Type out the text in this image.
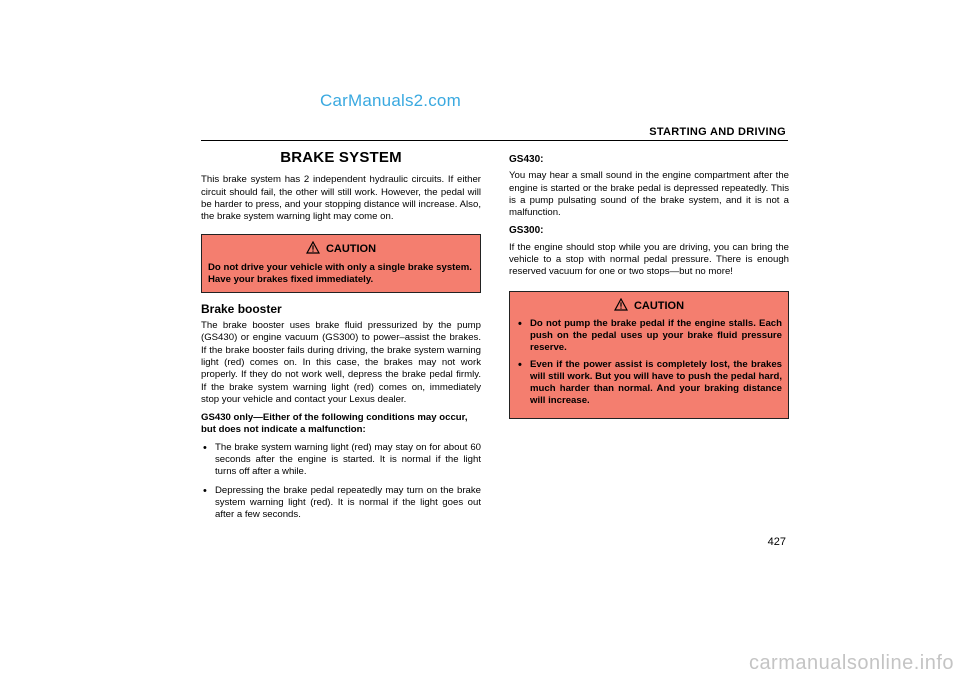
CarManuals2.com
carmanualsonline.info
STARTING AND DRIVING
BRAKE SYSTEM

This brake system has 2 independent hydraulic circuits. If either circuit should fail, the other will still work. However, the pedal will be harder to press, and your stopping distance will increase. Also, the brake system warning light may come on.

CAUTION
Do not drive your vehicle with only a single brake system. Have your brakes fixed immediately.
Brake booster

The brake booster uses brake fluid pressurized by the pump (GS430) or engine vacuum (GS300) to power–assist the brakes. If the brake booster fails during driving, the brake system warning light (red) comes on. In this case, the brakes may not work properly. If they do not work well, depress the brake pedal firmly. If the brake system warning light (red) comes on, immediately stop your vehicle and contact your Lexus dealer.

GS430 only—Either of the following conditions may occur, but does not indicate a malfunction:
• The brake system warning light (red) may stay on for about 60 seconds after the engine is started. It is normal if the light turns off after a while.
• Depressing the brake pedal repeatedly may turn on the brake system warning light (red). It is normal if the light goes out after a few seconds.
GS430:

You may hear a small sound in the engine compartment after the engine is started or the brake pedal is depressed repeatedly. This is a pump pulsating sound of the brake system, and it is not a malfunction.

GS300:

If the engine should stop while you are driving, you can bring the vehicle to a stop with normal pedal pressure. There is enough reserved vacuum for one or two stops—but no more!

CAUTION
• Do not pump the brake pedal if the engine stalls. Each push on the pedal uses up your brake fluid pressure reserve.
• Even if the power assist is completely lost, the brakes will still work. But you will have to push the pedal hard, much harder than normal. And your braking distance will increase.
427
